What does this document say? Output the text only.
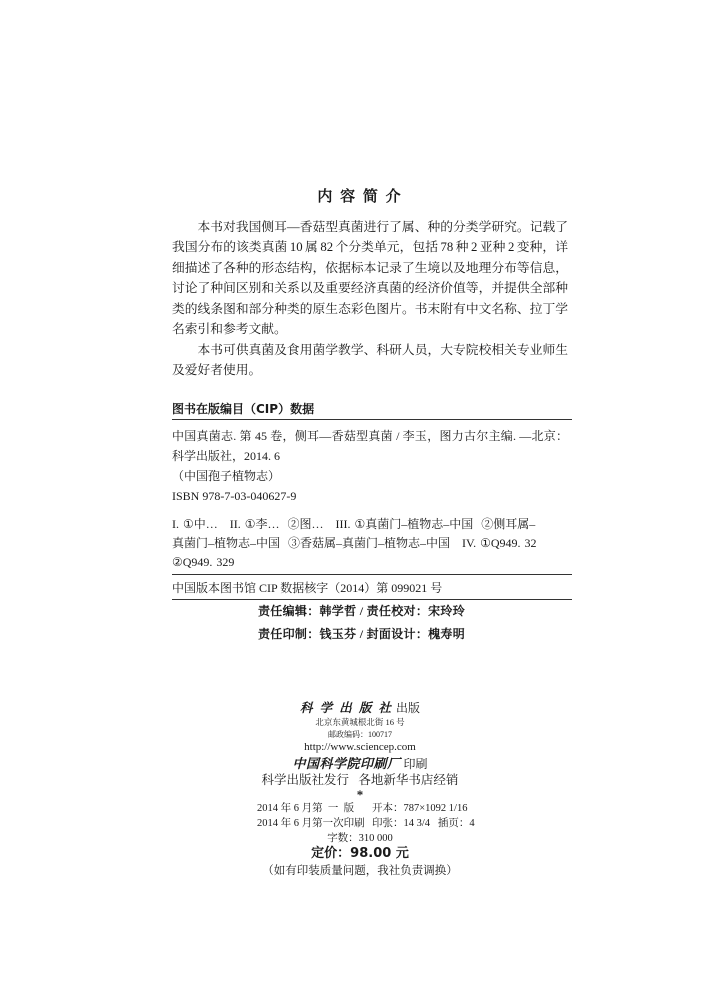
内 容 简 介
本书对我国侧耳—香菇型真菌进行了属、种的分类学研究。记载了
我国分布的该类真菌 10 属 82 个分类单元，包括 78 种 2 亚种 2 变种，详
细描述了各种的形态结构，依据标本记录了生境以及地理分布等信息，
讨论了种间区别和关系以及重要经济真菌的经济价值等，并提供全部种
类的线条图和部分种类的原生态彩色图片。书末附有中文名称、拉丁学
名索引和参考文献。
本书可供真菌及食用菌学教学、科研人员，大专院校相关专业师生
及爱好者使用。
图书在版编目（CIP）数据
中国真菌志. 第 45 卷，侧耳—香菇型真菌 / 李玉，图力古尔主编. —北京：
科学出版社，2014. 6
（中国孢子植物志）
ISBN 978-7-03-040627-9
I. ①中…   II. ①李…  ②图…   III. ①真菌门–植物志–中国  ②侧耳属–
真菌门–植物志–中国  ③香菇属–真菌门–植物志–中国   IV. ①Q949. 32
②Q949. 329
中国版本图书馆 CIP 数据核字（2014）第 099021 号
责任编辑：韩学哲 / 责任校对：宋玲玲
责任印制：钱玉芬 / 封面设计：槐寿明
科 学 出 版 社 出版
北京东黄城根北街 16 号
邮政编码：100717
http://www.sciencep.com
中国科学院印刷厂 印刷
科学出版社发行   各地新华书店经销
*
2014 年 6 月第  一  版 开本：787×1092 1/16
2014 年 6 月第一次印刷 印张：14 3/4   插页：4
字数：310 000
定价：98.00 元
（如有印装质量问题，我社负责调换）
